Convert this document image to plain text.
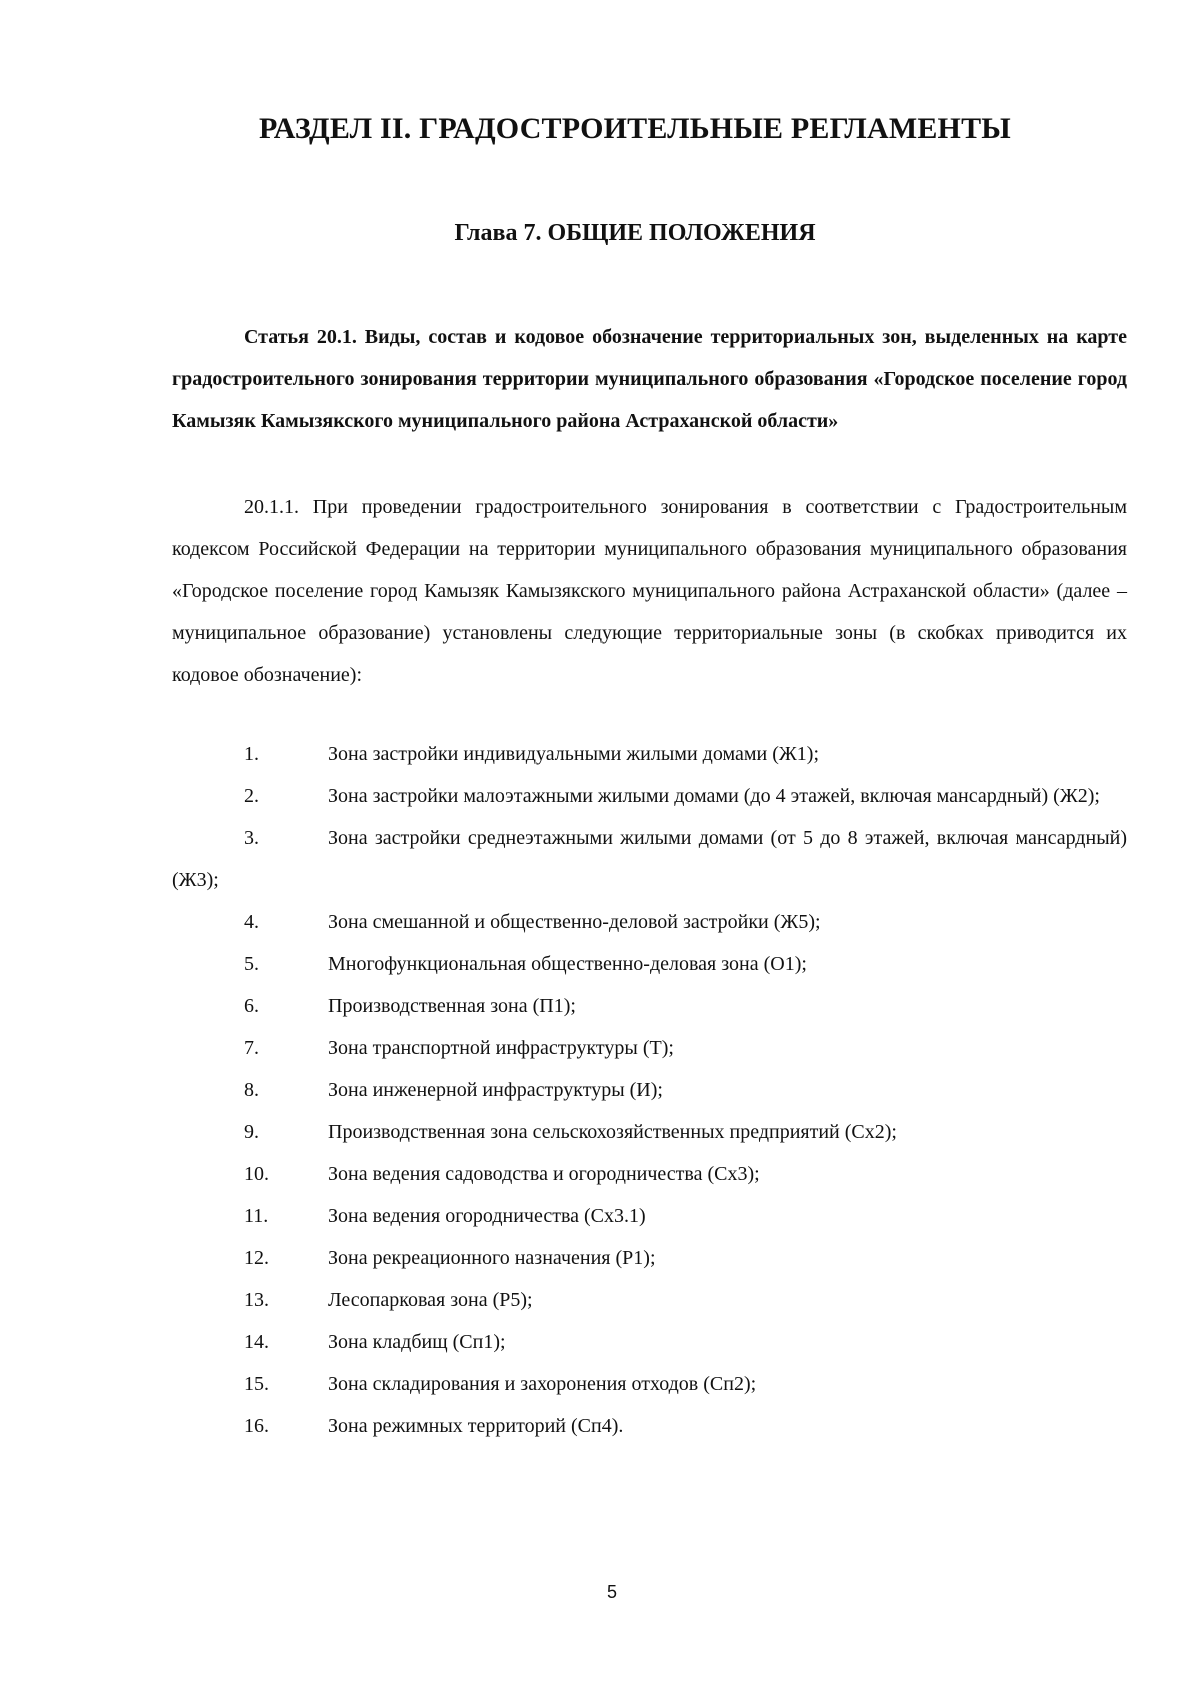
РАЗДЕЛ II. ГРАДОСТРОИТЕЛЬНЫЕ РЕГЛАМЕНТЫ
Глава 7. ОБЩИЕ ПОЛОЖЕНИЯ
Статья 20.1. Виды, состав и кодовое обозначение территориальных зон, выделенных на карте градостроительного зонирования территории муниципального образования «Городское поселение город Камызяк Камызякского муниципального района Астраханской области»
20.1.1. При проведении градостроительного зонирования в соответствии с Градостроительным кодексом Российской Федерации на территории муниципального образования муниципального образования «Городское поселение город Камызяк Камызякского муниципального района Астраханской области» (далее – муниципальное образование) установлены следующие территориальные зоны (в скобках приводится их кодовое обозначение):
1.	Зона застройки индивидуальными жилыми домами (Ж1);
2.	Зона застройки малоэтажными жилыми домами (до 4 этажей, включая мансардный) (Ж2);
3.	Зона застройки среднеэтажными жилыми домами (от 5 до 8 этажей, включая мансардный) (Ж3);
4.	Зона смешанной и общественно-деловой застройки (Ж5);
5.	Многофункциональная общественно-деловая зона (О1);
6.	Производственная зона (П1);
7.	Зона транспортной инфраструктуры (Т);
8.	Зона инженерной инфраструктуры (И);
9.	Производственная зона сельскохозяйственных предприятий (Сх2);
10.	Зона ведения садоводства и огородничества (Сх3);
11.	Зона ведения огородничества (Сх3.1)
12.	Зона рекреационного назначения (Р1);
13.	Лесопарковая зона (Р5);
14.	Зона кладбищ (Сп1);
15.	Зона складирования и захоронения отходов (Сп2);
16.	Зона режимных территорий (Сп4).
5
